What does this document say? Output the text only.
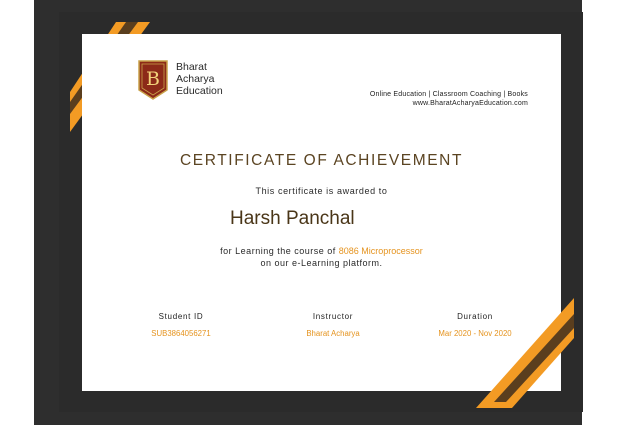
B
Bharat
Acharya
Education	Online Education | Classroom Coaching | Books
www.BharatAcharyaEducation.com
CERTIFICATE OF ACHIEVEMENT
This certificate is awarded to
Harsh Panchal
for Learning the course of 8086 Microprocessor
on our e-Learning platform.
Student ID
SUB3864056271
Instructor
Bharat Acharya
Duration
Mar 2020 - Nov 2020
